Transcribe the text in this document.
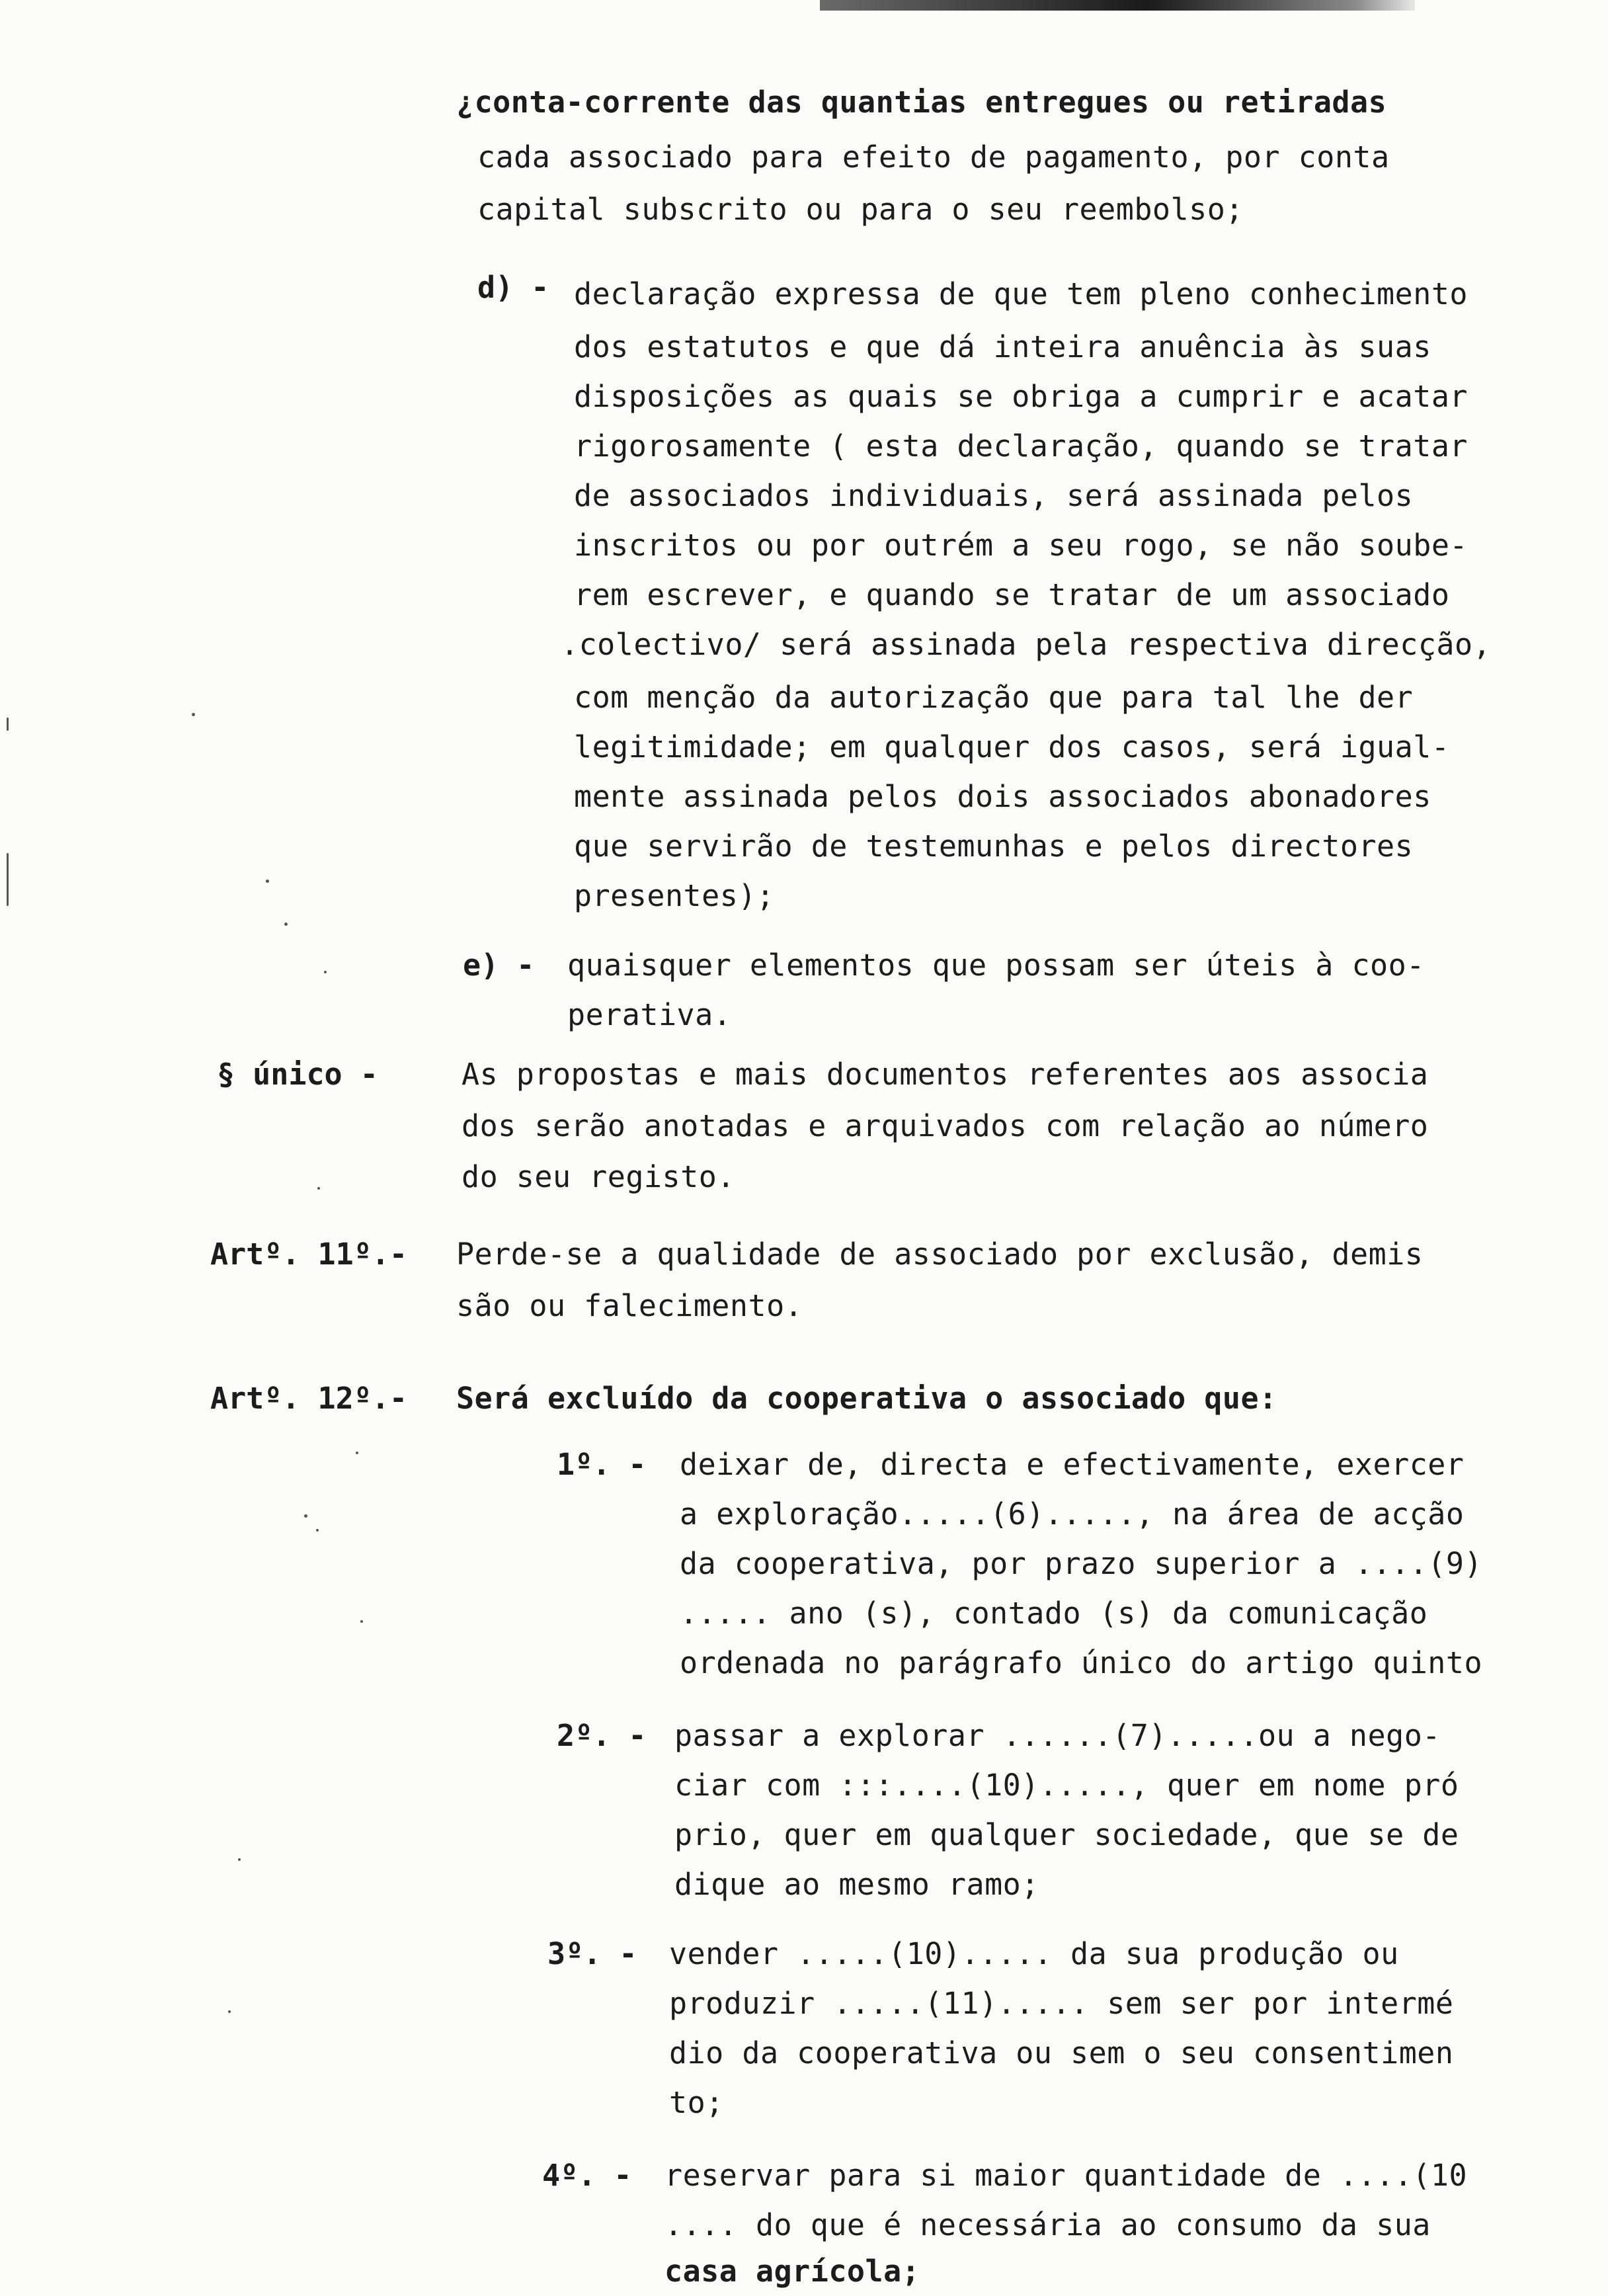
¿conta-corrente das quantias entregues ou retiradas
cada associado para efeito de pagamento, por conta
capital subscrito ou para o seu reembolso;
d) - declaração expressa de que tem pleno conhecimento
dos estatutos e que dá inteira anuência às suas
disposições as quais se obriga a cumprir e acatar
rigorosamente ( esta declaração, quando se tratar
de associados individuais, será assinada pelos
inscritos ou por outrém a seu rogo, se não soube-
rem escrever, e quando se tratar de um associado
.colectivo/ será assinada pela respectiva direcção,
com menção da autorização que para tal lhe der
legitimidade; em qualquer dos casos, será igual-
mente assinada pelos dois associados abonadores
que servirão de testemunhas e pelos directores
presentes);
e) - quaisquer elementos que possam ser úteis à coo-
perativa.
§ único -	As propostas e mais documentos referentes aos associa
dos serão anotadas e arquivados com relação ao número
do seu registo.
Artº. 11º.- Perde-se a qualidade de associado por exclusão, demis
são ou falecimento.
Artº. 12º.- Será excluído da cooperativa o associado que:
1º. - deixar de, directa e efectivamente, exercer
a exploração.....(6)....., na área de acção
da cooperativa, por prazo superior a ....(9)
..... ano (s), contado (s) da comunicação
ordenada no parágrafo único do artigo quinto
2º. - passar a explorar ......(7).....ou a nego-
ciar com :::....(10)....., quer em nome pró
prio, quer em qualquer sociedade, que se de
dique ao mesmo ramo;
3º. - vender .....(10)..... da sua produção ou
produzir .....(11)..... sem ser por intermé
dio da cooperativa ou sem o seu consentimen
to;
4º. - reservar para si maior quantidade de ....(10
.... do que é necessária ao consumo da sua
casa agrícola;
